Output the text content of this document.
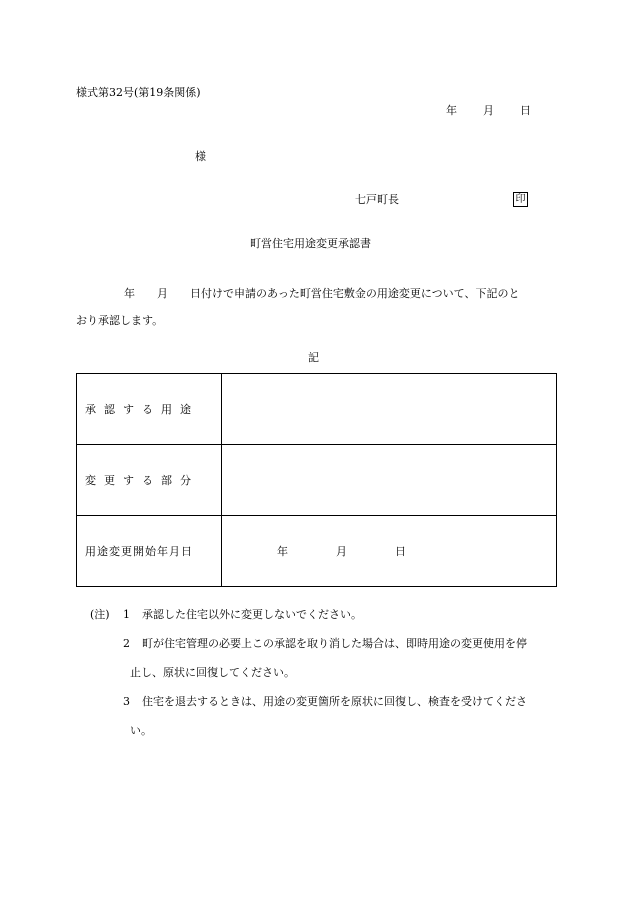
様式第32号(第19条関係)
年 月 日
様
七戸町長	印
町営住宅用途変更承認書
年　　月　　日付けで申請のあった町営住宅敷金の用途変更について、下記のと
おり承認します。
記
承認する用途	
変更する部分	
用途変更開始年月日	年 月 日
(注) 1 承認した住宅以外に変更しないでください。
2 町が住宅管理の必要上この承認を取り消した場合は、即時用途の変更使用を停
止し、原状に回復してください。
3 住宅を退去するときは、用途の変更箇所を原状に回復し、検査を受けてくださ
い。
